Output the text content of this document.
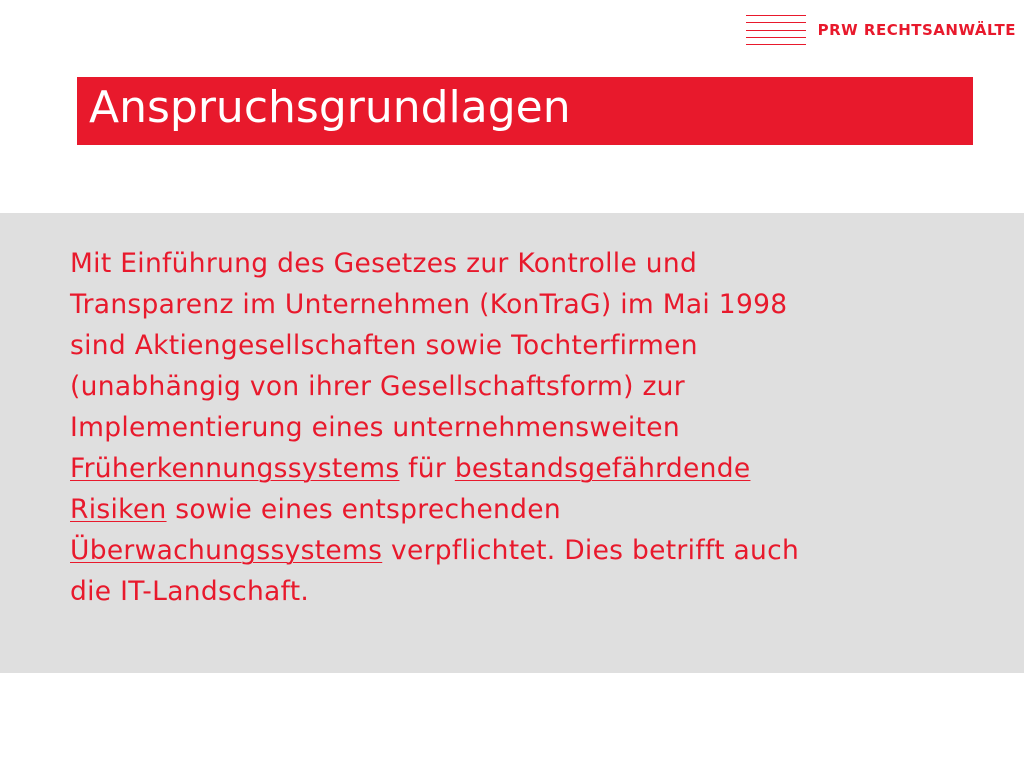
PRW RECHTSANWÄLTE
Anspruchsgrundlagen

Mit Einführung des Gesetzes zur Kontrolle und
Transparenz im Unternehmen (KonTraG) im Mai 1998
sind Aktiengesellschaften sowie Tochterfirmen
(unabhängig von ihrer Gesellschaftsform) zur
Implementierung eines unternehmensweiten
Früherkennungssystems für bestandsgefährdende
Risiken sowie eines entsprechenden
Überwachungssystems verpflichtet. Dies betrifft auch
die IT-Landschaft.
